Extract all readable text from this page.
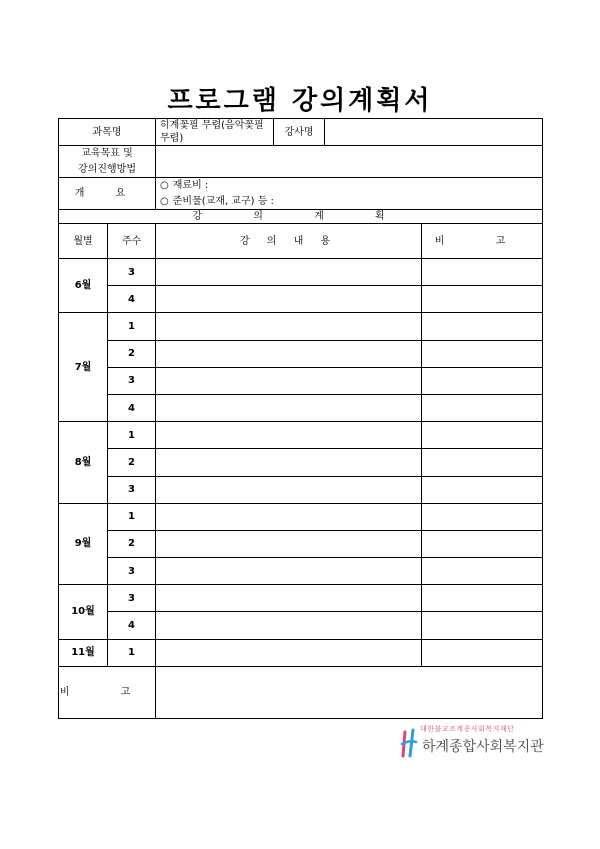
프로그램 강의계획서
과목명		히계꽃필 무렵(음악꽃필 무렵)	강사명		

교육목표 및
강의진행방법					

개 요		○ 재료비 :
○ 준비물(교재, 교구) 등 :			

강 의 계 획					
월별	주수	강 의 내 용			비 고
6월	3				
	4				
7월	1				
	2				
	3				
	4				
8월	1				
	2				
	3				
9월	1				
	2				
	3				
10월	3				
	4				
11월	1				
비 고					
대한불교조계종사회복지재단
하계종합사회복지관
